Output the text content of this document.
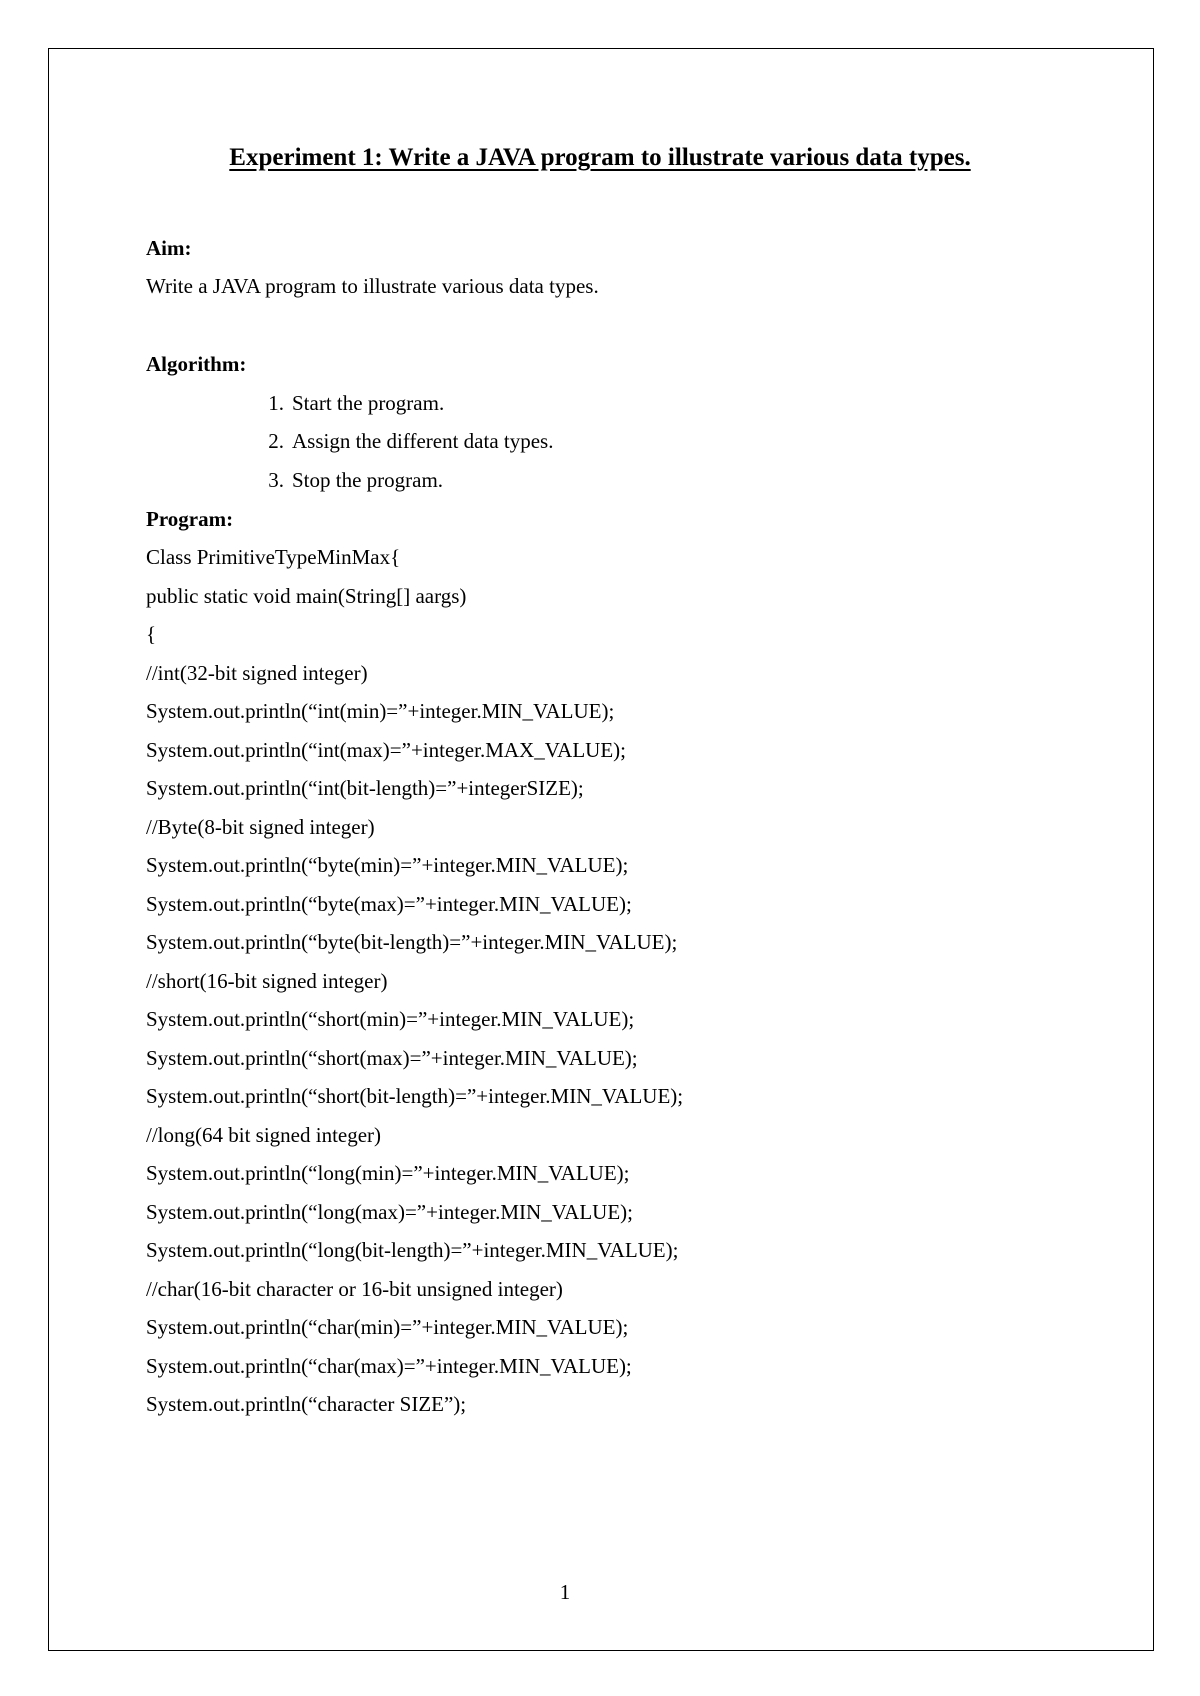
Experiment 1: Write a JAVA program to illustrate various data types.
Aim:
Write a JAVA program to illustrate various data types.
Algorithm:
1. Start the program.
2. Assign the different data types.
3. Stop the program.
Program:
Class PrimitiveTypeMinMax{
public static void main(String[] aargs)
{
//int(32-bit signed integer)
System.out.println(“int(min)=”+integer.MIN_VALUE);
System.out.println(“int(max)=”+integer.MAX_VALUE);
System.out.println(“int(bit-length)=”+integerSIZE);
//Byte(8-bit signed integer)
System.out.println(“byte(min)=”+integer.MIN_VALUE);
System.out.println(“byte(max)=”+integer.MIN_VALUE);
System.out.println(“byte(bit-length)=”+integer.MIN_VALUE);
//short(16-bit signed integer)
System.out.println(“short(min)=”+integer.MIN_VALUE);
System.out.println(“short(max)=”+integer.MIN_VALUE);
System.out.println(“short(bit-length)=”+integer.MIN_VALUE);
//long(64 bit signed integer)
System.out.println(“long(min)=”+integer.MIN_VALUE);
System.out.println(“long(max)=”+integer.MIN_VALUE);
System.out.println(“long(bit-length)=”+integer.MIN_VALUE);
//char(16-bit character or 16-bit unsigned integer)
System.out.println(“char(min)=”+integer.MIN_VALUE);
System.out.println(“char(max)=”+integer.MIN_VALUE);
System.out.println(“character SIZE”);
1
